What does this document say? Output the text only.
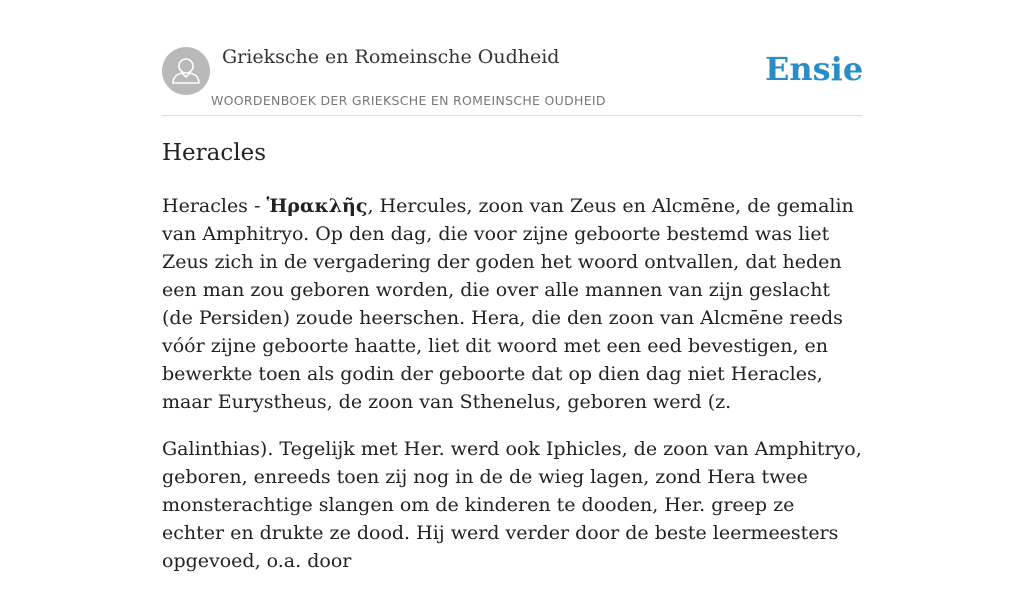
Grieksche en Romeinsche Oudheid
WOORDENBOEK DER GRIEKSCHE EN ROMEINSCHE OUDHEID
Ensie
Heracles

Heracles - Ἡρακλῆς, Hercules, zoon van Zeus en Alcmēne, de gemalin van Amphitryo. Op den dag, die voor zijne geboorte bestemd was liet Zeus zich in de vergadering der goden het woord ontvallen, dat heden een man zou geboren worden, die over alle mannen van zijn geslacht (de Persiden) zoude heerschen. Hera, die den zoon van Alcmēne reeds vóór zijne geboorte haatte, liet dit woord met een eed bevestigen, en bewerkte toen als godin der geboorte dat op dien dag niet Heracles, maar Eurystheus, de zoon van Sthenelus, geboren werd (z.

Galinthias). Tegelijk met Her. werd ook Iphicles, de zoon van Amphitryo, geboren, enreeds toen zij nog in de de wieg lagen, zond Hera twee monsterachtige slangen om de kinderen te dooden, Her. greep ze echter en drukte ze dood. Hij werd verder door de beste leermeesters opgevoed, o.a. door
